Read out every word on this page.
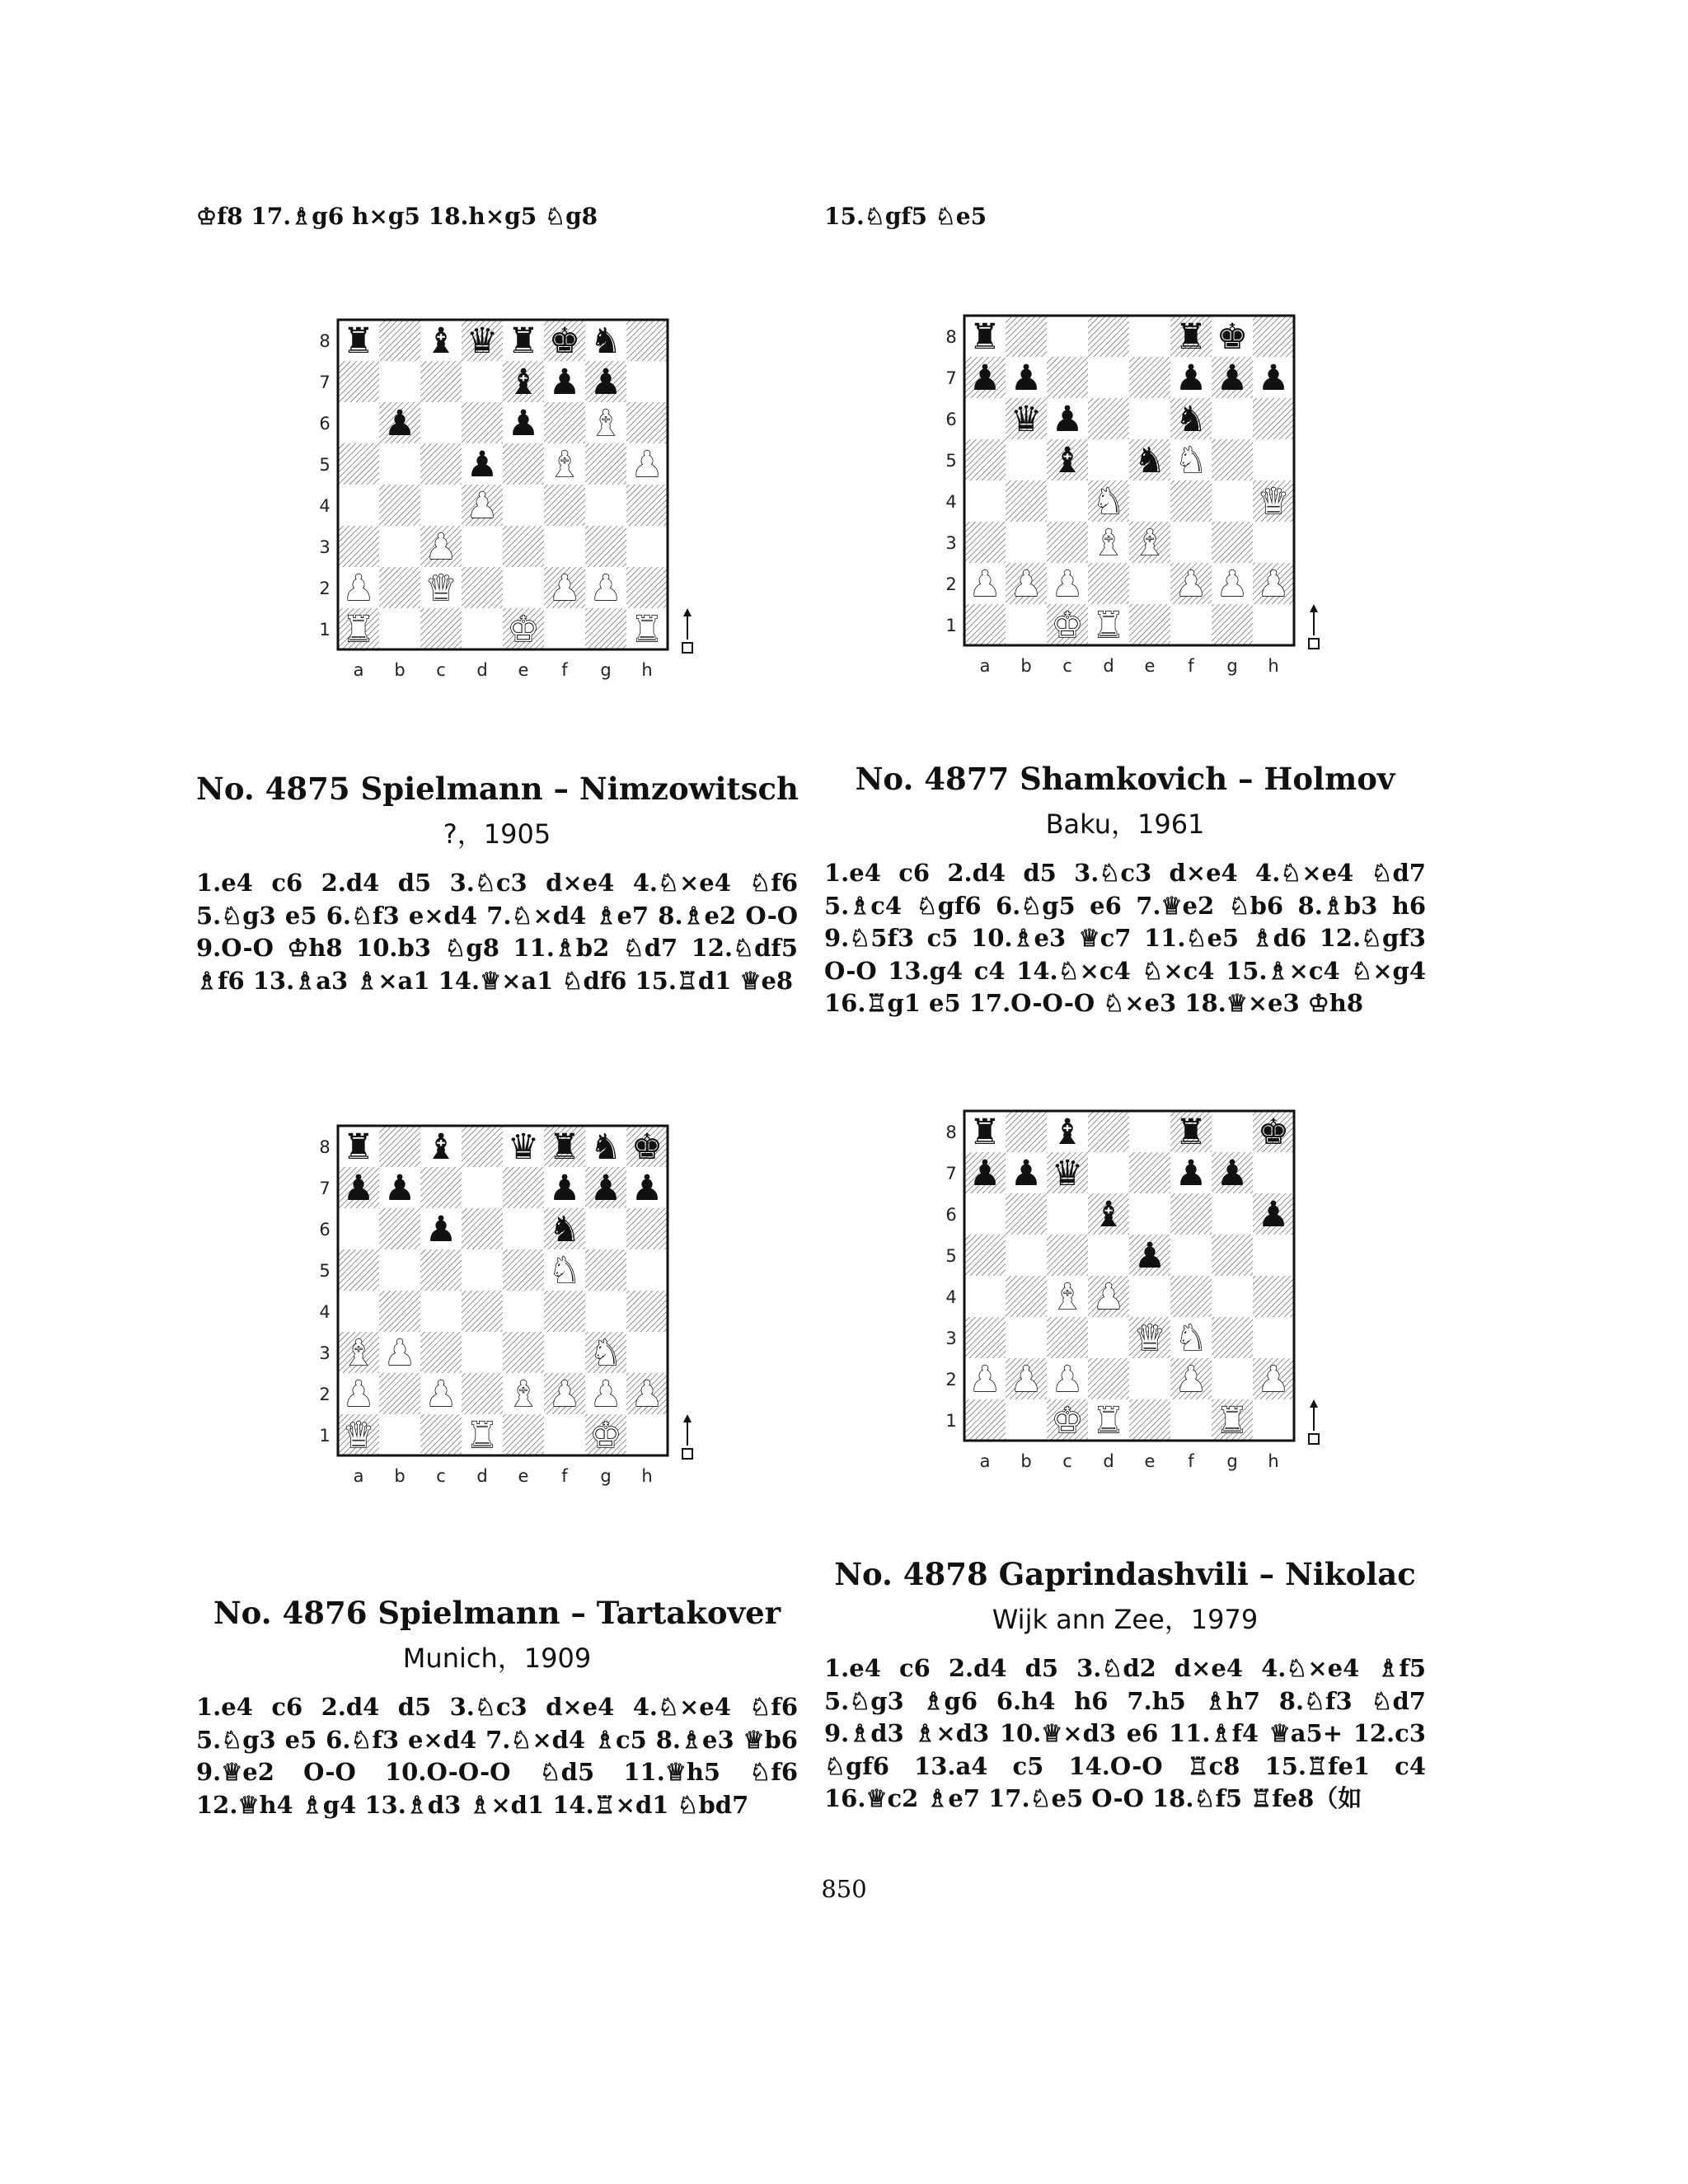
♔f8 17.♗g6 h×g5 18.h×g5 ♘g8	15.♘gf5 ♘e5
♜ ♝ ♛ ♜ ♚ ♞
♝ ♟ ♟
♟	♟ ♝
♟ ♝ ♟
♟
♟
♟ ♛	♟ ♟
♜	♚	♜
8
7
6
5
4
3
2
1
a b c d e f g h
♜	♜ ♚
♟ ♟	♟ ♟ ♟
♛ ♟	♞
♝ ♞ ♞
♞	♛
♝ ♝
♟ ♟ ♟	♟ ♟ ♟
♚ ♜
8
7
6
5
4
3
2
1
a b c d e f g h
♜ ♝ ♛ ♜ ♞ ♚
♟ ♟	♟ ♟ ♟
♟	♞
♞
♝ ♟	♞
♟ ♟ ♝ ♟ ♟ ♟
♛	♜	♚
8
7
6
5
4
3
2
1
a b c d e f g h
♜ ♝	♜ ♚
♟ ♟ ♛	♟ ♟
♝	♟
♟
♝ ♟
♛ ♞
♟ ♟ ♟	♟ ♟
♚ ♜	♜
8
7
6
5
4
3
2
1
a b c d e f g h
No. 4875 Spielmann – Nimzowitsch
?，1905
1.e4 c6 2.d4 d5 3.♘c3 d×e4 4.♘×e4 ♘f6 5.♘g3 e5 6.♘f3 e×d4 7.♘×d4 ♗e7 8.♗e2 O-O 9.O-O ♔h8 10.b3 ♘g8 11.♗b2 ♘d7 12.♘df5 ♗f6 13.♗a3 ♗×a1 14.♕×a1 ♘df6 15.♖d1 ♕e8
No. 4877 Shamkovich – Holmov
Baku，1961
1.e4 c6 2.d4 d5 3.♘c3 d×e4 4.♘×e4 ♘d7 5.♗c4 ♘gf6 6.♘g5 e6 7.♕e2 ♘b6 8.♗b3 h6 9.♘5f3 c5 10.♗e3 ♕c7 11.♘e5 ♗d6 12.♘gf3 O-O 13.g4 c4 14.♘×c4 ♘×c4 15.♗×c4 ♘×g4 16.♖g1 e5 17.O-O-O ♘×e3 18.♕×e3 ♔h8
No. 4876 Spielmann – Tartakover
Munich，1909
1.e4 c6 2.d4 d5 3.♘c3 d×e4 4.♘×e4 ♘f6 5.♘g3 e5 6.♘f3 e×d4 7.♘×d4 ♗c5 8.♗e3 ♕b6 9.♕e2 O-O 10.O-O-O ♘d5 11.♕h5 ♘f6 12.♕h4 ♗g4 13.♗d3 ♗×d1 14.♖×d1 ♘bd7
No. 4878 Gaprindashvili – Nikolac
Wijk ann Zee，1979
1.e4 c6 2.d4 d5 3.♘d2 d×e4 4.♘×e4 ♗f5 5.♘g3 ♗g6 6.h4 h6 7.h5 ♗h7 8.♘f3 ♘d7 9.♗d3 ♗×d3 10.♕×d3 e6 11.♗f4 ♕a5+ 12.c3 ♘gf6 13.a4 c5 14.O-O ♖c8 15.♖fe1 c4 16.♕c2 ♗e7 17.♘e5 O-O 18.♘f5 ♖fe8（如
850
